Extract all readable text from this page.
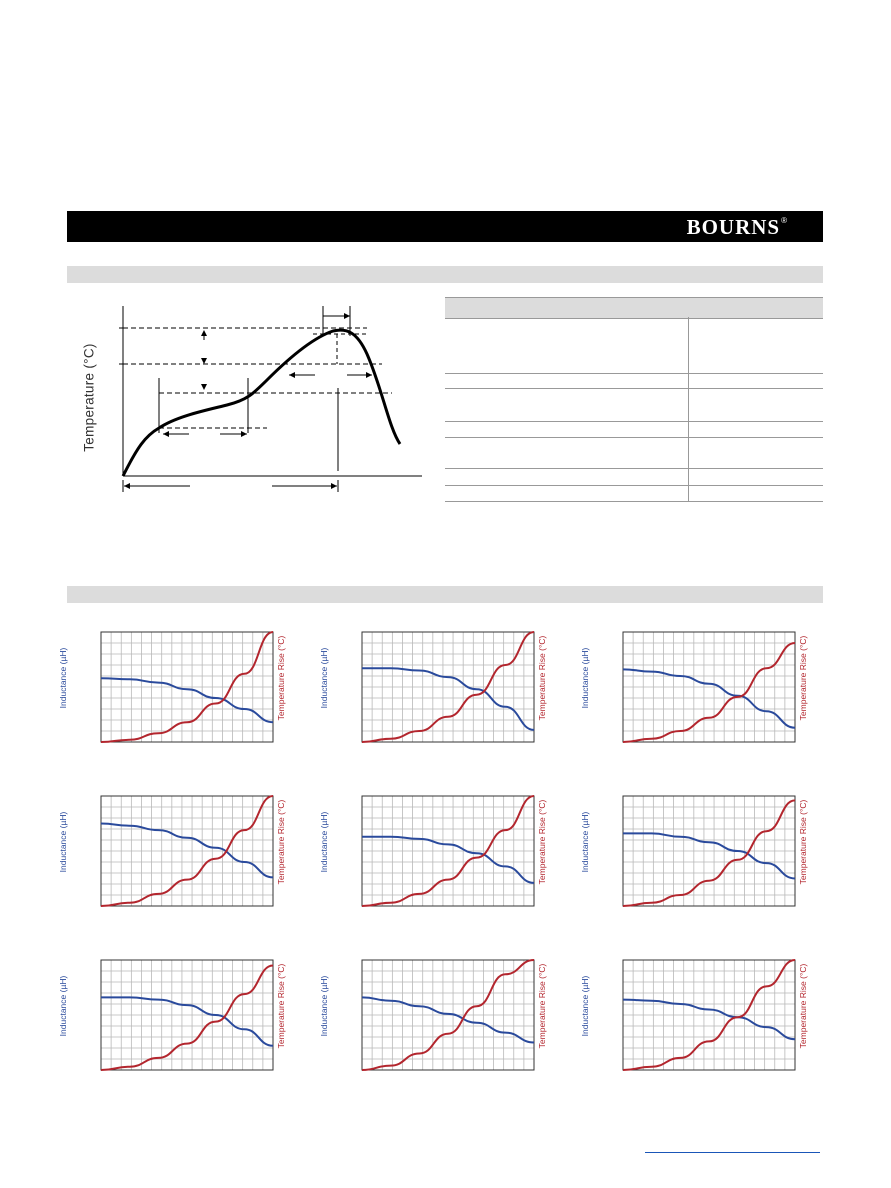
BOURNS ®
Temperature (°C)
Inductance (µH)	Temperature Rise (°C)	Inductance (µH)	Temperature Rise (°C)	Inductance (µH)	Temperature Rise (°C)
Inductance (µH)	Temperature Rise (°C)	Inductance (µH)	Temperature Rise (°C)	Inductance (µH)	Temperature Rise (°C)
Inductance (µH)	Temperature Rise (°C)	Inductance (µH)	Temperature Rise (°C)	Inductance (µH)	Temperature Rise (°C)
